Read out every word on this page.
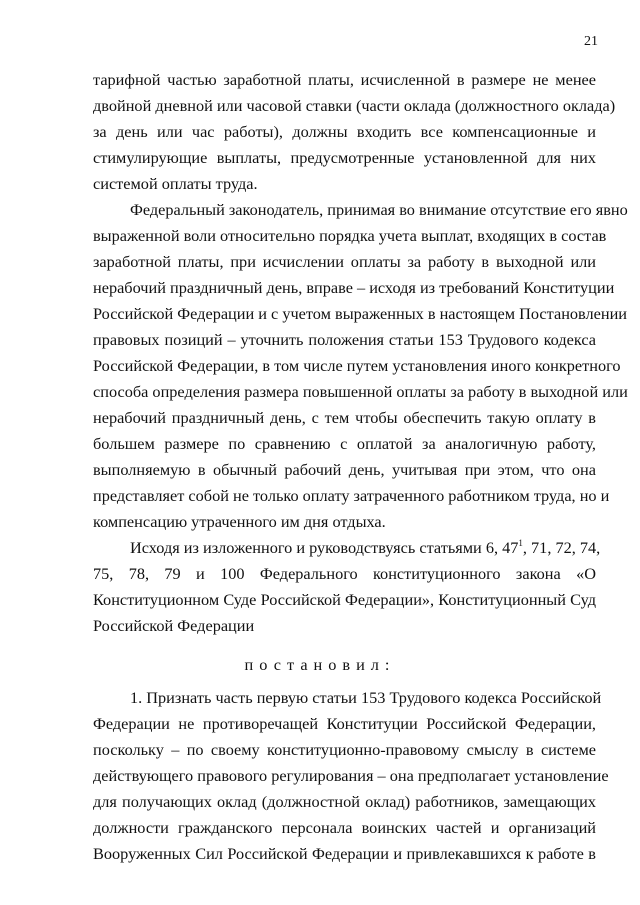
21
тарифной частью заработной платы, исчисленной в размере не менее
двойной дневной или часовой ставки (части оклада (должностного оклада)
за день или час работы), должны входить все компенсационные и
стимулирующие выплаты, предусмотренные установленной для них
системой оплаты труда.
Федеральный законодатель, принимая во внимание отсутствие его явно
выраженной воли относительно порядка учета выплат, входящих в состав
заработной платы, при исчислении оплаты за работу в выходной или
нерабочий праздничный день, вправе – исходя из требований Конституции
Российской Федерации и с учетом выраженных в настоящем Постановлении
правовых позиций – уточнить положения статьи 153 Трудового кодекса
Российской Федерации, в том числе путем установления иного конкретного
способа определения размера повышенной оплаты за работу в выходной или
нерабочий праздничный день, с тем чтобы обеспечить такую оплату в
большем размере по сравнению с оплатой за аналогичную работу,
выполняемую в обычный рабочий день, учитывая при этом, что она
представляет собой не только оплату затраченного работником труда, но и
компенсацию утраченного им дня отдыха.
Исходя из изложенного и руководствуясь статьями 6, $47^1$, 71, 72, 74,
75, 78, 79 и 100 Федерального конституционного закона «О
Конституционном Суде Российской Федерации», Конституционный Суд
Российской Федерации
постановил:
1. Признать часть первую статьи 153 Трудового кодекса Российской
Федерации не противоречащей Конституции Российской Федерации,
поскольку – по своему конституционно-правовому смыслу в системе
действующего правового регулирования – она предполагает установление
для получающих оклад (должностной оклад) работников, замещающих
должности гражданского персонала воинских частей и организаций
Вооруженных Сил Российской Федерации и привлекавшихся к работе в
